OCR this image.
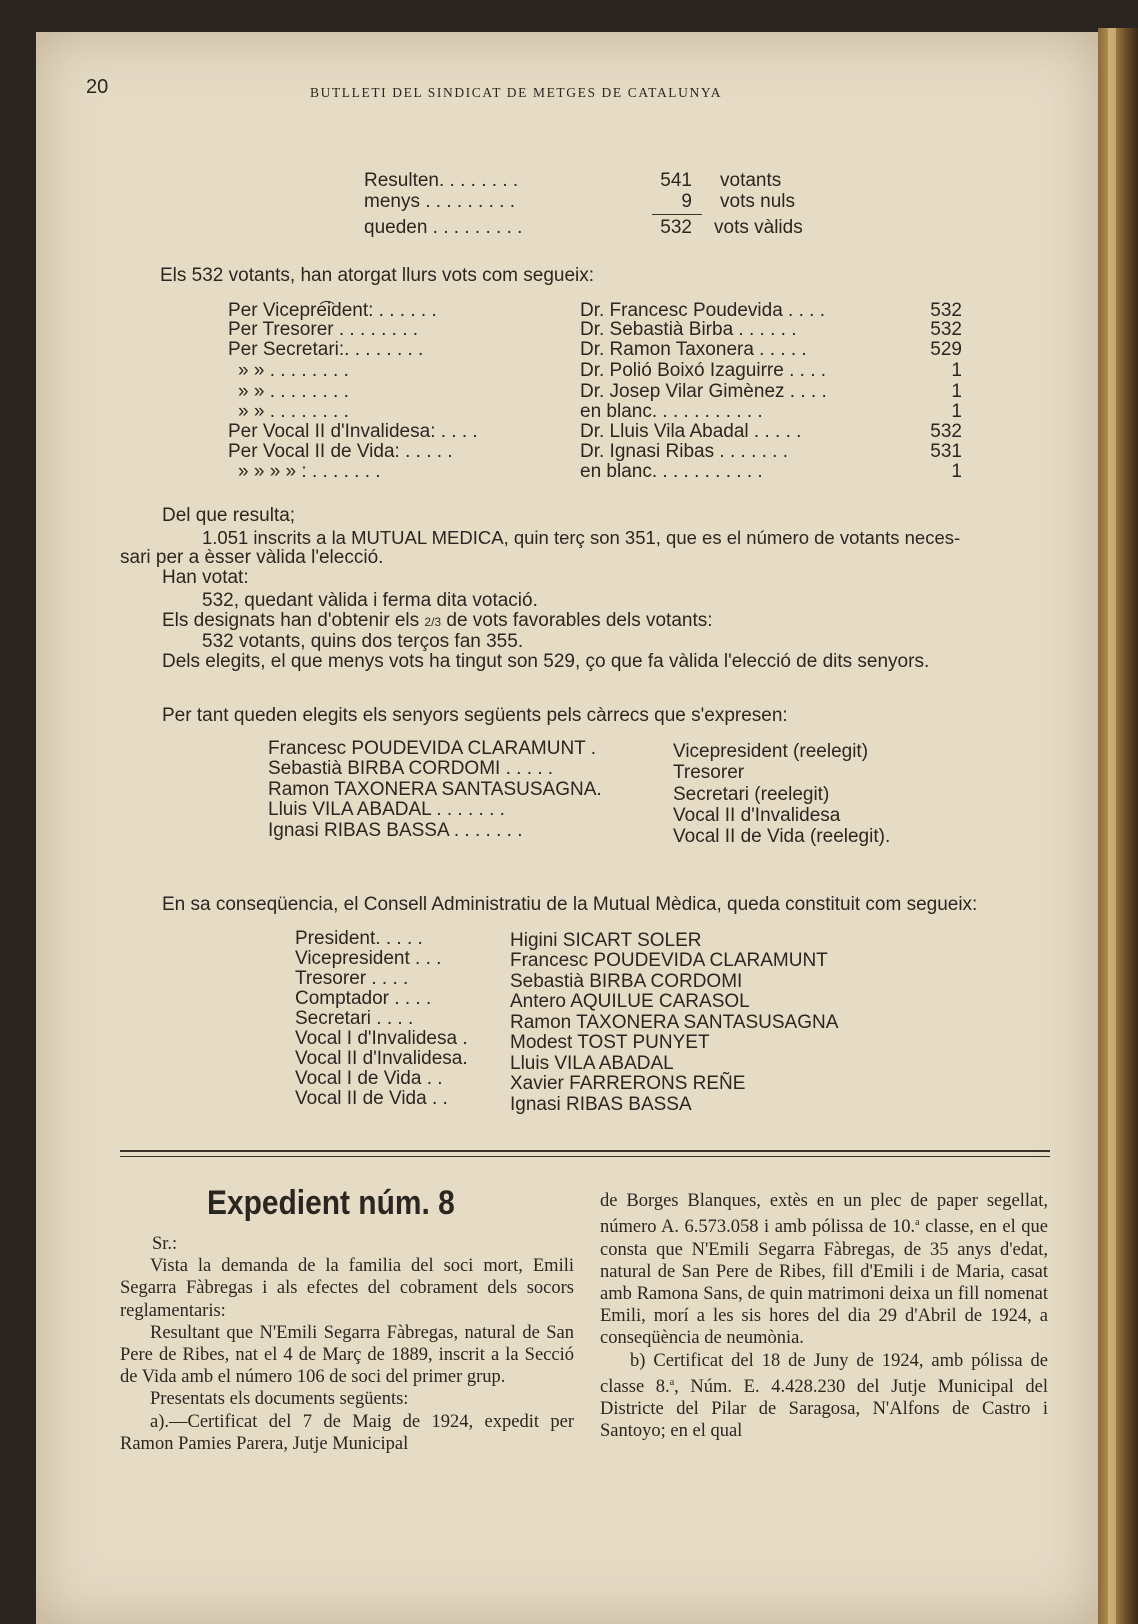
20	BUTLLETI DEL SINDICAT DE METGES DE CATALUNYA
Resulten. . . . . . . .	541 votants
menys . . . . . . . . .	9 vots nuls
queden . . . . . . . . .	532 vots vàlids
Els 532 votants, han atorgat llurs vots com segueix:
Per Vicepre͡ident: . . . . . .	Dr. Francesc Poudevida . . . .	532
Per Tresorer . . . . . . . .	Dr. Sebastià Birba . . . . . .	532
Per Secretari:. . . . . . . .	Dr. Ramon Taxonera . . . . .	529
» » . . . . . . . .	Dr. Polió Boixó Izaguirre . . . .	1
» » . . . . . . . .	Dr. Josep Vilar Gimènez . . . .	1
» » . . . . . . . .	en blanc. . . . . . . . . . .	1
Per Vocal II d'Invalidesa: . . . .	Dr. Lluis Vila Abadal . . . . .	532
Per Vocal II de Vida: . . . . .	Dr. Ignasi Ribas . . . . . . .	531
» » » » : . . . . . . .	en blanc. . . . . . . . . . .	1
Del que resulta;
1.051 inscrits a la MUTUAL MEDICA, quin terç son 351, que es el número de votants neces-
sari per a èsser vàlida l'elecció.
Han votat:
532, quedant vàlida i ferma dita votació.
Els designats han d'obtenir els 2/3 de vots favorables dels votants:
532 votants, quins dos terços fan 355.
Dels elegits, el que menys vots ha tingut son 529, ço que fa vàlida l'elecció de dits senyors.
Per tant queden elegits els senyors següents pels càrrecs que s'expresen:
Francesc POUDEVIDA CLARAMUNT .	Vicepresident (reelegit)
Sebastià BIRBA CORDOMI . . . . .	Tresorer
Ramon TAXONERA SANTASUSAGNA.	Secretari (reelegit)
Lluis VILA ABADAL . . . . . . .	Vocal II d'Invalidesa
Ignasi RIBAS BASSA . . . . . . .	Vocal II de Vida (reelegit).
En sa conseqüencia, el Consell Administratiu de la Mutual Mèdica, queda constituit com segueix:
President. . . . .	Higini SICART SOLER
Vicepresident . . .	Francesc POUDEVIDA CLARAMUNT
Tresorer . . . .	Sebastià BIRBA CORDOMI
Comptador . . . .	Antero AQUILUE CARASOL
Secretari . . . .	Ramon TAXONERA SANTASUSAGNA
Vocal I d'Invalidesa . Modest TOST PUNYET
Vocal II d'Invalidesa. Lluis VILA ABADAL
Vocal I de Vida . .	Xavier FARRERONS REÑE
Vocal II de Vida . .	Ignasi RIBAS BASSA
Expedient núm. 8

Sr.:

Vista la demanda de la familia del soci mort, Emili Segarra Fàbregas i als efectes del cobrament dels socors reglamentaris:

Resultant que N'Emili Segarra Fàbregas, natural de San Pere de Ribes, nat el 4 de Març de 1889, inscrit a la Secció de Vida amb el número 106 de soci del primer grup.

Presentats els documents següents:

a).—Certificat del 7 de Maig de 1924, expedit per Ramon Pamies Parera, Jutje Municipal

de Borges Blanques, extès en un plec de paper segellat, número A. 6.573.058 i amb pólissa de 10.$^a$ classe, en el que consta que N'Emili Segarra Fàbregas, de 35 anys d'edat, natural de San Pere de Ribes, fill d'Emili i de Maria, casat amb Ramona Sans, de quin matrimoni deixa un fill nomenat Emili, morí a les sis hores del dia 29 d'Abril de 1924, a conseqüència de neumònia.

b) Certificat del 18 de Juny de 1924, amb pólissa de classe 8.$^a$, Núm. E. 4.428.230 del Jutje Municipal del Districte del Pilar de Saragosa, N'Alfons de Castro i Santoyo; en el qual
